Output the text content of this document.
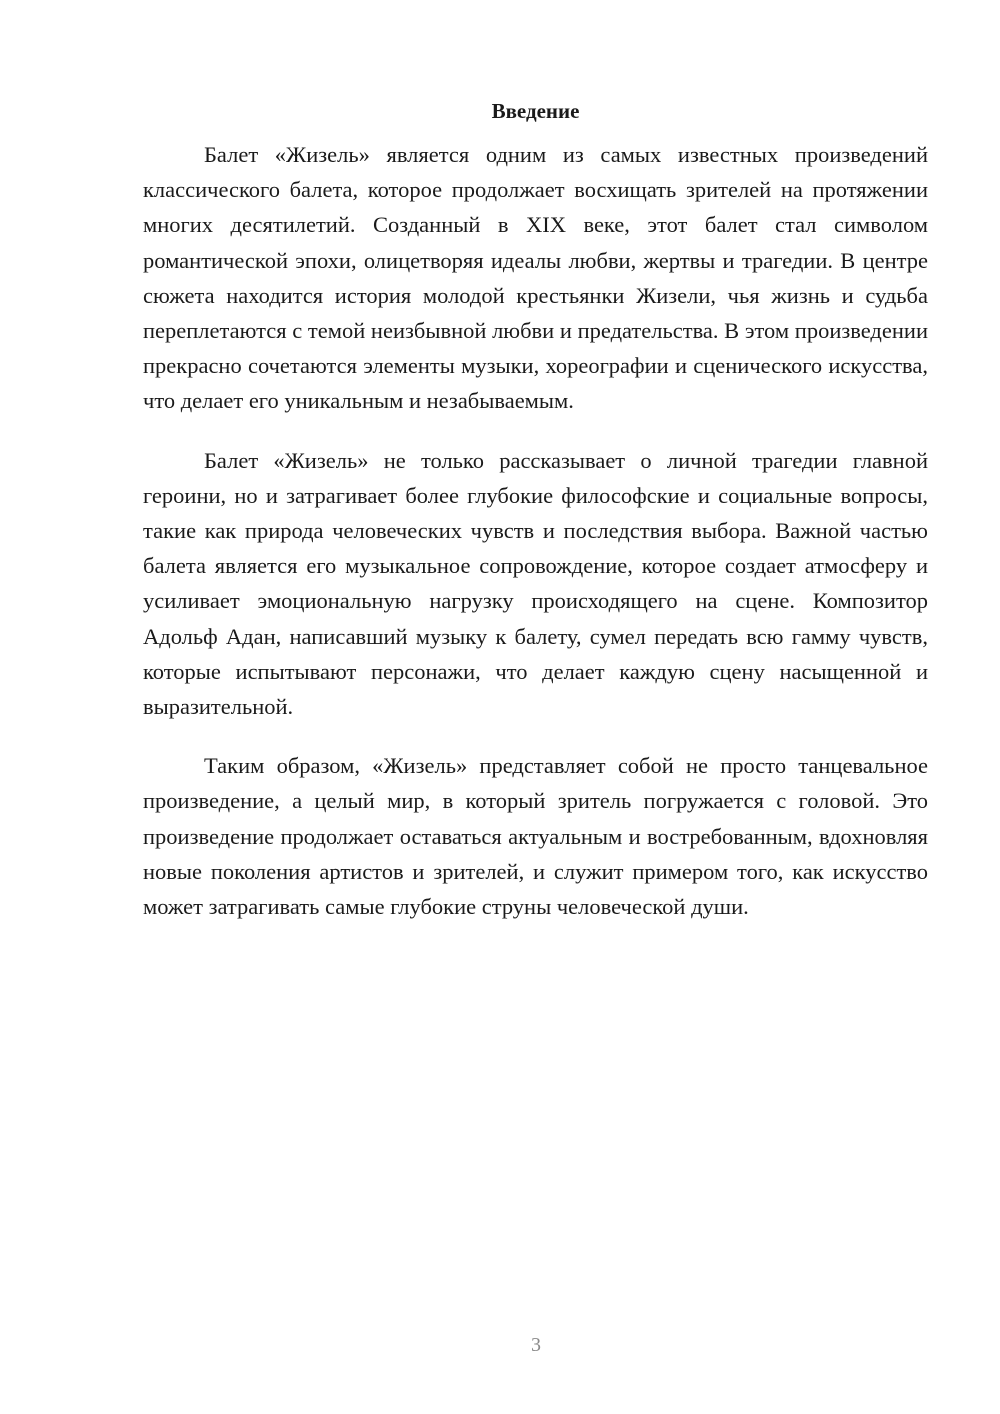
Введение

Балет «Жизель» является одним из самых известных произведений классического балета, которое продолжает восхищать зрителей на протяжении многих десятилетий. Созданный в XIX веке, этот балет стал символом романтической эпохи, олицетворяя идеалы любви, жертвы и трагедии. В центре сюжета находится история молодой крестьянки Жизели, чья жизнь и судьба переплетаются с темой неизбывной любви и предательства. В этом произведении прекрасно сочетаются элементы музыки, хореографии и сценического искусства, что делает его уникальным и незабываемым.

Балет «Жизель» не только рассказывает о личной трагедии главной героини, но и затрагивает более глубокие философские и социальные вопросы, такие как природа человеческих чувств и последствия выбора. Важной частью балета является его музыкальное сопровождение, которое создает атмосферу и усиливает эмоциональную нагрузку происходящего на сцене. Композитор Адольф Адан, написавший музыку к балету, сумел передать всю гамму чувств, которые испытывают персонажи, что делает каждую сцену насыщенной и выразительной.

Таким образом, «Жизель» представляет собой не просто танцевальное произведение, а целый мир, в который зритель погружается с головой. Это произведение продолжает оставаться актуальным и востребованным, вдохновляя новые поколения артистов и зрителей, и служит примером того, как искусство может затрагивать самые глубокие струны человеческой души.

3
